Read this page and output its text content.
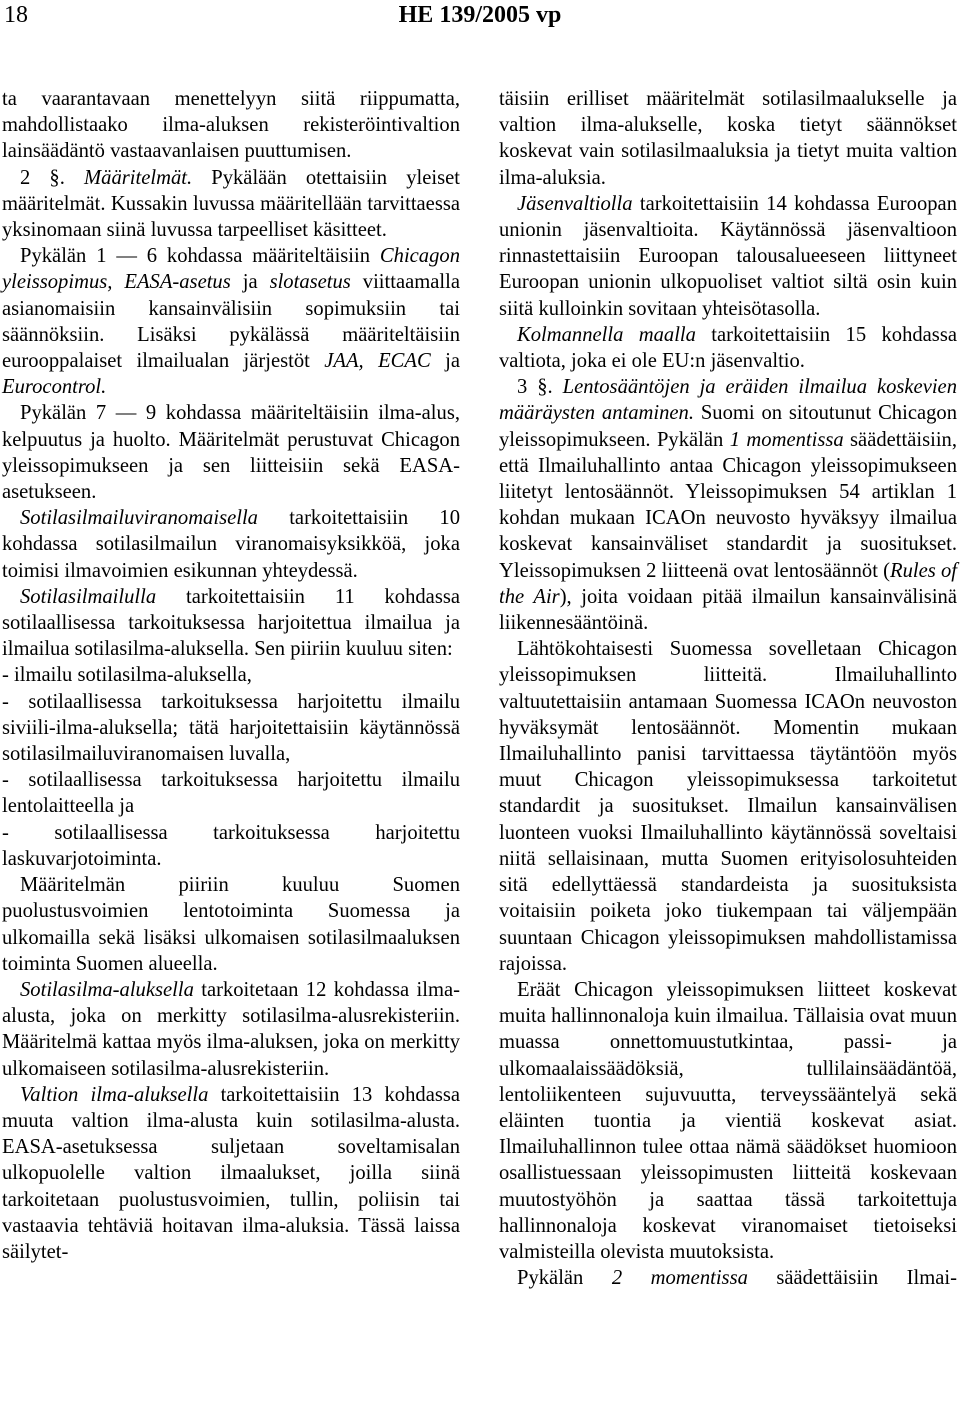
18	HE 139/2005 vp

ta vaarantavaan menettelyyn siitä riippumatta, mahdollistaako ilma-aluksen rekisteröintivaltion lainsäädäntö vastaavanlaisen puuttumisen.

2 §. Määritelmät. Pykälään otettaisiin yleiset määritelmät. Kussakin luvussa määritellään tarvittaessa yksinomaan siinä luvussa tarpeelliset käsitteet.

Pykälän 1 — 6 kohdassa määriteltäisiin Chicagon yleissopimus, EASA-asetus ja slotasetus viittaamalla asianomaisiin kansainvälisiin sopimuksiin tai säännöksiin. Lisäksi pykälässä määriteltäisiin eurooppalaiset ilmailualan järjestöt JAA, ECAC ja Eurocontrol.

Pykälän 7 — 9 kohdassa määriteltäisiin ilma-alus, kelpuutus ja huolto. Määritelmät perustuvat Chicagon yleissopimukseen ja sen liitteisiin sekä EASA-asetukseen.

Sotilasilmailuviranomaisella tarkoitettaisiin 10 kohdassa sotilasilmailun viranomaisyksikköä, joka toimisi ilmavoimien esikunnan yhteydessä.

Sotilasilmailulla tarkoitettaisiin 11 kohdassa sotilaallisessa tarkoituksessa harjoitettua ilmailua ja ilmailua sotilasilma-aluksella. Sen piiriin kuuluu siten:

- ilmailu sotilasilma-aluksella,

- sotilaallisessa tarkoituksessa harjoitettu ilmailu siviili-ilma-aluksella; tätä harjoitettaisiin käytännössä sotilasilmailuviranomaisen luvalla,

- sotilaallisessa tarkoituksessa harjoitettu ilmailu lentolaitteella ja

- sotilaallisessa tarkoituksessa harjoitettu laskuvarjotoiminta.

Määritelmän piiriin kuuluu Suomen puolustusvoimien lentotoiminta Suomessa ja ulkomailla sekä lisäksi ulkomaisen sotilasilmaaluksen toiminta Suomen alueella.

Sotilasilma-aluksella tarkoitetaan 12 kohdassa ilma-alusta, joka on merkitty sotilasilma-alusrekisteriin. Määritelmä kattaa myös ilma-aluksen, joka on merkitty ulkomaiseen sotilasilma-alusrekisteriin.

Valtion ilma-aluksella tarkoitettaisiin 13 kohdassa muuta valtion ilma-alusta kuin sotilasilma-alusta. EASA-asetuksessa suljetaan soveltamisalan ulkopuolelle valtion ilmaalukset, joilla siinä tarkoitetaan puolustusvoimien, tullin, poliisin tai vastaavia tehtäviä hoitavan ilma-aluksia. Tässä laissa säilytet-

täisiin erilliset määritelmät sotilasilmaalukselle ja valtion ilma-alukselle, koska tietyt säännökset koskevat vain sotilasilmaaluksia ja tietyt muita valtion ilma-aluksia.

Jäsenvaltiolla tarkoitettaisiin 14 kohdassa Euroopan unionin jäsenvaltioita. Käytännössä jäsenvaltioon rinnastettaisiin Euroopan talousalueeseen liittyneet Euroopan unionin ulkopuoliset valtiot siltä osin kuin siitä kulloinkin sovitaan yhteisötasolla.

Kolmannella maalla tarkoitettaisiin 15 kohdassa valtiota, joka ei ole EU:n jäsenvaltio.

3 §. Lentosääntöjen ja eräiden ilmailua koskevien määräysten antaminen. Suomi on sitoutunut Chicagon yleissopimukseen. Pykälän 1 momentissa säädettäisiin, että Ilmailuhallinto antaa Chicagon yleissopimukseen liitetyt lentosäännöt. Yleissopimuksen 54 artiklan 1 kohdan mukaan ICAOn neuvosto hyväksyy ilmailua koskevat kansainväliset standardit ja suositukset. Yleissopimuksen 2 liitteenä ovat lentosäännöt (Rules of the Air), joita voidaan pitää ilmailun kansainvälisinä liikennesääntöinä.

Lähtökohtaisesti Suomessa sovelletaan Chicagon yleissopimuksen liitteitä. Ilmailuhallinto valtuutettaisiin antamaan Suomessa ICAOn neuvoston hyväksymät lentosäännöt. Momentin mukaan Ilmailuhallinto panisi tarvittaessa täytäntöön myös muut Chicagon yleissopimuksessa tarkoitetut standardit ja suositukset. Ilmailun kansainvälisen luonteen vuoksi Ilmailuhallinto käytännössä soveltaisi niitä sellaisinaan, mutta Suomen erityisolosuhteiden sitä edellyttäessä standardeista ja suosituksista voitaisiin poiketa joko tiukempaan tai väljempään suuntaan Chicagon yleissopimuksen mahdollistamissa rajoissa.

Eräät Chicagon yleissopimuksen liitteet koskevat muita hallinnonaloja kuin ilmailua. Tällaisia ovat muun muassa onnettomuustutkintaa, passi- ja ulkomaalaissäädöksiä, tullilainsäädäntöä, lentoliikenteen sujuvuutta, terveyssääntelyä sekä eläinten tuontia ja vientiä koskevat asiat. Ilmailuhallinnon tulee ottaa nämä säädökset huomioon osallistuessaan yleissopimusten liitteitä koskevaan muutostyöhön ja saattaa tässä tarkoitettuja hallinnonaloja koskevat viranomaiset tietoiseksi valmisteilla olevista muutoksista.

Pykälän 2 momentissa säädettäisiin Ilmai-
